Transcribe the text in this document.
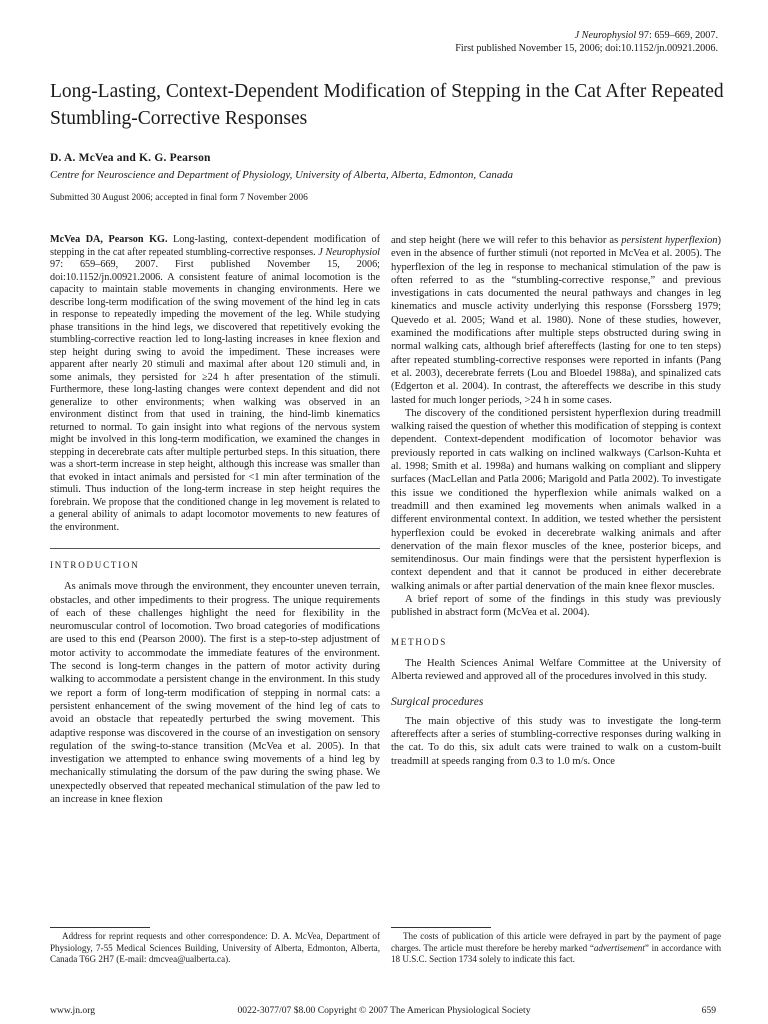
J Neurophysiol 97: 659–669, 2007.
First published November 15, 2006; doi:10.1152/jn.00921.2006.
Long-Lasting, Context-Dependent Modification of Stepping in the Cat After Repeated Stumbling-Corrective Responses
D. A. McVea and K. G. Pearson
Centre for Neuroscience and Department of Physiology, University of Alberta, Alberta, Edmonton, Canada
Submitted 30 August 2006; accepted in final form 7 November 2006

McVea DA, Pearson KG. Long-lasting, context-dependent modification of stepping in the cat after repeated stumbling-corrective responses. J Neurophysiol 97: 659–669, 2007. First published November 15, 2006; doi:10.1152/jn.00921.2006. A consistent feature of animal locomotion is the capacity to maintain stable movements in changing environments. Here we describe long-term modification of the swing movement of the hind leg in cats in response to repeatedly impeding the movement of the leg. While studying phase transitions in the hind legs, we discovered that repetitively evoking the stumbling-corrective reaction led to long-lasting increases in knee flexion and step height during swing to avoid the impediment. These increases were apparent after nearly 20 stimuli and maximal after about 120 stimuli and, in some animals, they persisted for ≥24 h after presentation of the stimuli. Furthermore, these long-lasting changes were context dependent and did not generalize to other environments; when walking was observed in an environment distinct from that used in training, the hind-limb kinematics returned to normal. To gain insight into what regions of the nervous system might be involved in this long-term modification, we examined the changes in stepping in decerebrate cats after multiple perturbed steps. In this situation, there was a short-term increase in step height, although this increase was smaller than that evoked in intact animals and persisted for <1 min after termination of the stimuli. Thus induction of the long-term increase in step height requires the forebrain. We propose that the conditioned change in leg movement is related to a general ability of animals to adapt locomotor movements to new features of the environment.

INTRODUCTION

As animals move through the environment, they encounter uneven terrain, obstacles, and other impediments to their progress. The unique requirements of each of these challenges highlight the need for flexibility in the neuromuscular control of locomotion. Two broad categories of modifications are used to this end (Pearson 2000). The first is a step-to-step adjustment of motor activity to accommodate the immediate features of the environment. The second is long-term changes in the pattern of motor activity during walking to accommodate a persistent change in the environment. In this study we report a form of long-term modification of stepping in normal cats: a persistent enhancement of the swing movement of the hind leg of cats to avoid an obstacle that repeatedly perturbed the swing movement. This adaptive response was discovered in the course of an investigation on sensory regulation of the swing-to-stance transition (McVea et al. 2005). In that investigation we attempted to enhance swing movements of a hind leg by mechanically stimulating the dorsum of the paw during the swing phase. We unexpectedly observed that repeated mechanical stimulation of the paw led to an increase in knee flexion

and step height (here we will refer to this behavior as persistent hyperflexion) even in the absence of further stimuli (not reported in McVea et al. 2005). The hyperflexion of the leg in response to mechanical stimulation of the paw is often referred to as the “stumbling-corrective response,” and previous investigations in cats documented the neural pathways and changes in leg kinematics and muscle activity underlying this response (Forssberg 1979; Quevedo et al. 2005; Wand et al. 1980). None of these studies, however, examined the modifications after multiple steps obstructed during swing in normal walking cats, although brief aftereffects (lasting for one to ten steps) after repeated stumbling-corrective responses were reported in infants (Pang et al. 2003), decerebrate ferrets (Lou and Bloedel 1988a), and spinalized cats (Edgerton et al. 2004). In contrast, the aftereffects we describe in this study lasted for much longer periods, >24 h in some cases.

The discovery of the conditioned persistent hyperflexion during treadmill walking raised the question of whether this modification of stepping is context dependent. Context-dependent modification of locomotor behavior was previously reported in cats walking on inclined walkways (Carlson-Kuhta et al. 1998; Smith et al. 1998a) and humans walking on compliant and slippery surfaces (MacLellan and Patla 2006; Marigold and Patla 2002). To investigate this issue we conditioned the hyperflexion while animals walked on a treadmill and then examined leg movements when animals walked in a different environmental context. In addition, we tested whether the persistent hyperflexion could be evoked in decerebrate walking animals and after denervation of the main flexor muscles of the knee, posterior biceps, and semitendinosus. Our main findings were that the persistent hyperflexion is context dependent and that it cannot be produced in either decerebrate walking animals or after partial denervation of the main knee flexor muscles.

A brief report of some of the findings in this study was previously published in abstract form (McVea et al. 2004).

METHODS

The Health Sciences Animal Welfare Committee at the University of Alberta reviewed and approved all of the procedures involved in this study.

Surgical procedures

The main objective of this study was to investigate the long-term aftereffects after a series of stumbling-corrective responses during walking in the cat. To do this, six adult cats were trained to walk on a custom-built treadmill at speeds ranging from 0.3 to 1.0 m/s. Once

Address for reprint requests and other correspondence: D. A. McVea, Department of Physiology, 7-55 Medical Sciences Building, University of Alberta, Edmonton, Alberta, Canada T6G 2H7 (E-mail: dmcvea@ualberta.ca).
The costs of publication of this article were defrayed in part by the payment of page charges. The article must therefore be hereby marked “advertisement” in accordance with 18 U.S.C. Section 1734 solely to indicate this fact.
0022-3077/07 $8.00 Copyright © 2007 The American Physiological Society
www.jn.org	659
